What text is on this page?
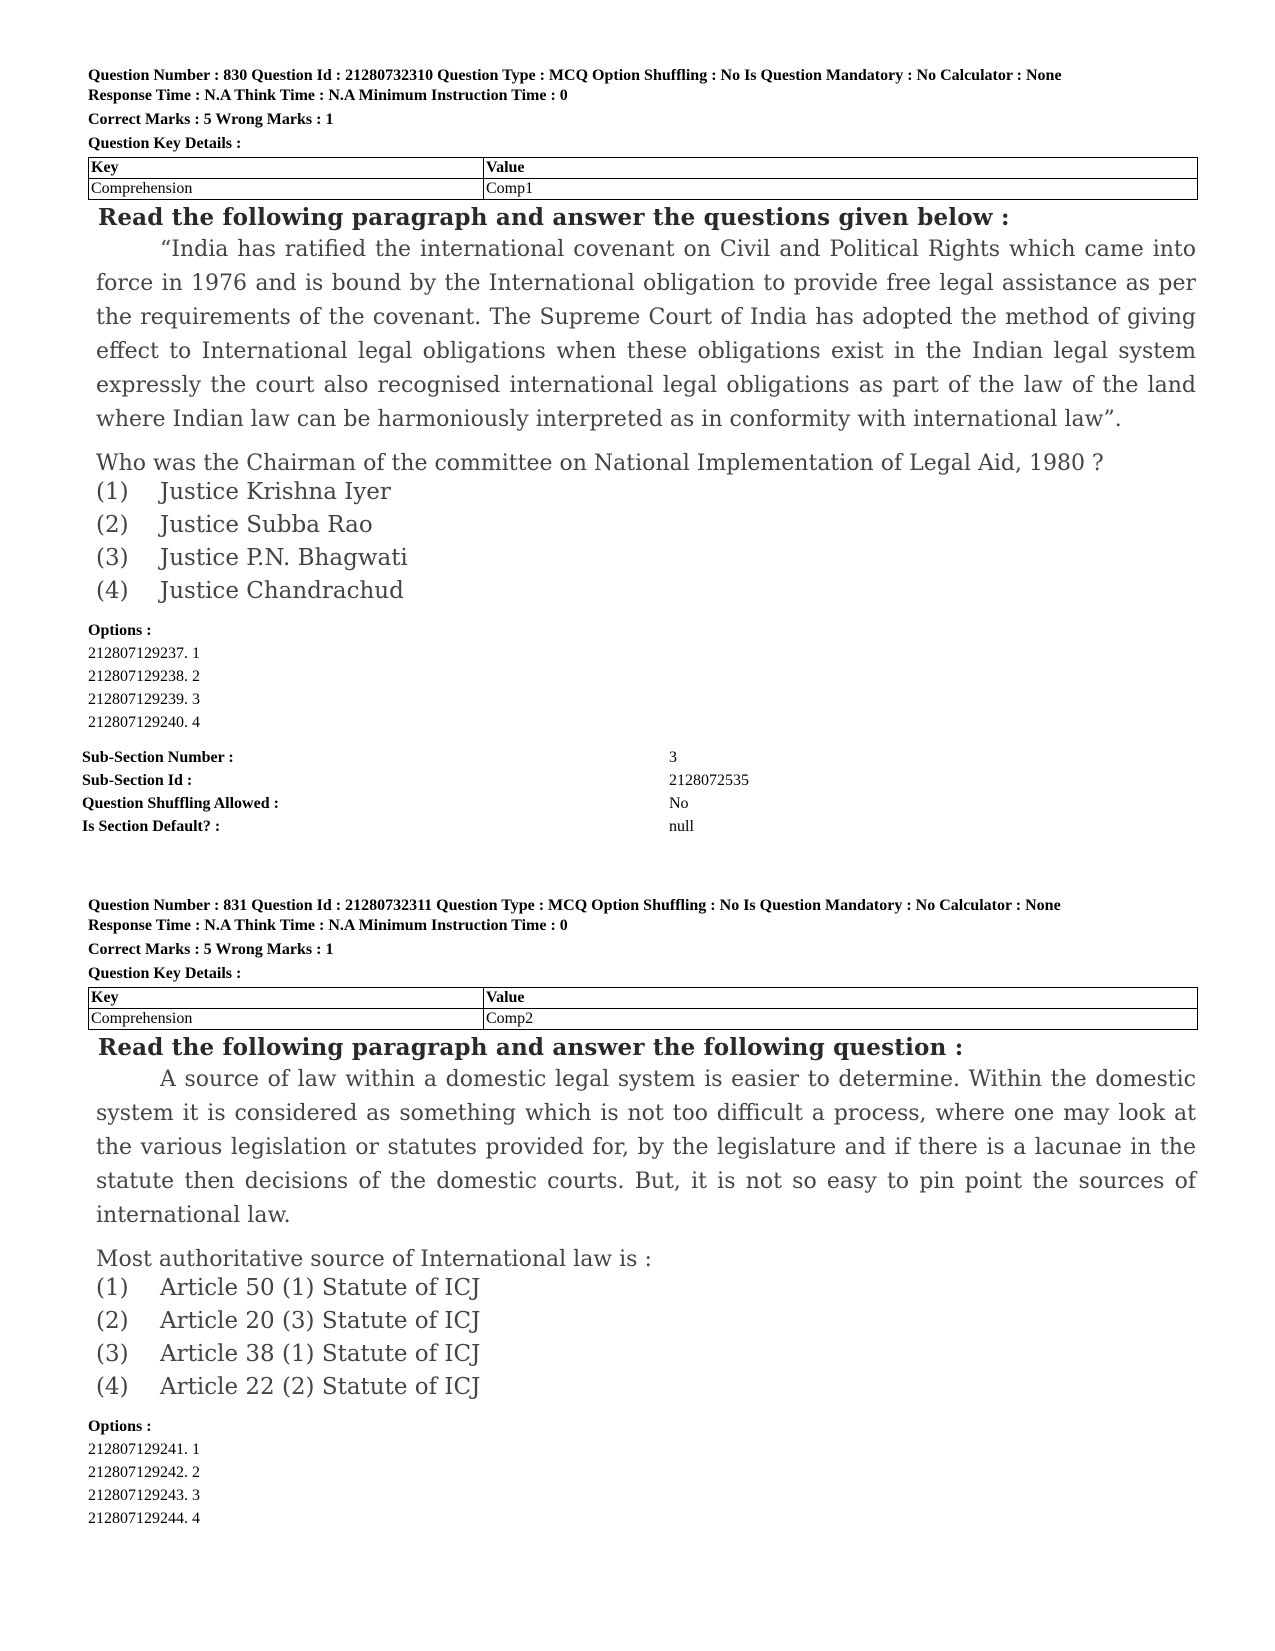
Question Number : 830 Question Id : 21280732310 Question Type : MCQ Option Shuffling : No Is Question Mandatory : No Calculator : None
Response Time : N.A Think Time : N.A Minimum Instruction Time : 0
Correct Marks : 5 Wrong Marks : 1
Question Key Details :
Key	Value
Comprehension	Comp1
Read the following paragraph and answer the questions given below :
“India has ratified the international covenant on Civil and Political Rights which came into force in 1976 and is bound by the International obligation to provide free legal assistance as per the requirements of the covenant. The Supreme Court of India has adopted the method of giving effect to International legal obligations when these obligations exist in the Indian legal system expressly the court also recognised international legal obligations as part of the law of the land where Indian law can be harmoniously interpreted as in conformity with international law”.
Who was the Chairman of the committee on National Implementation of Legal Aid, 1980 ?
(1)	Justice Krishna Iyer
(2)	Justice Subba Rao
(3)	Justice P.N. Bhagwati
(4)	Justice Chandrachud
Options :
212807129237. 1
212807129238. 2
212807129239. 3
212807129240. 4
Sub-Section Number :	3
Sub-Section Id :	2128072535
Question Shuffling Allowed :	No
Is Section Default? :	null
Question Number : 831 Question Id : 21280732311 Question Type : MCQ Option Shuffling : No Is Question Mandatory : No Calculator : None
Response Time : N.A Think Time : N.A Minimum Instruction Time : 0
Correct Marks : 5 Wrong Marks : 1
Question Key Details :
Key	Value
Comprehension	Comp2
Read the following paragraph and answer the following question :
A source of law within a domestic legal system is easier to determine. Within the domestic system it is considered as something which is not too difficult a process, where one may look at the various legislation or statutes provided for, by the legislature and if there is a lacunae in the statute then decisions of the domestic courts. But, it is not so easy to pin point the sources of international law.
Most authoritative source of International law is :
(1)	Article 50 (1) Statute of ICJ
(2)	Article 20 (3) Statute of ICJ
(3)	Article 38 (1) Statute of ICJ
(4)	Article 22 (2) Statute of ICJ
Options :
212807129241. 1
212807129242. 2
212807129243. 3
212807129244. 4
